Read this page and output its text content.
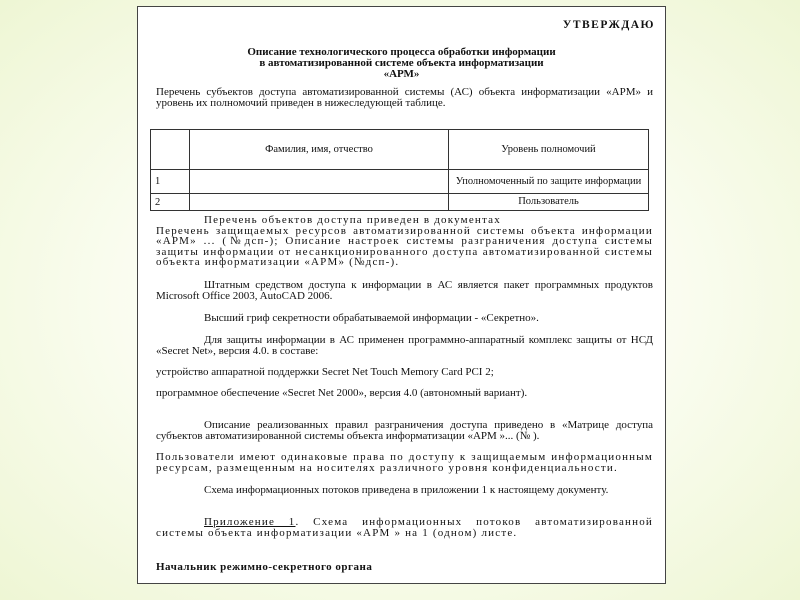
УТВЕРЖДАЮ
Описание технологического процесса обработки информации
в автоматизированной системе объекта информатизации
«АРМ»
Перечень субъектов доступа автоматизированной системы (АС) объекта информатизации «АРМ» и уровень их полномочий приведен в нижеследующей таблице.
	Фамилия, имя, отчество	Уровень полномочий
1		Уполномоченный по защите информации
2		Пользователь
Перечень объектов доступа приведен в документах
Перечень защищаемых ресурсов автоматизированной системы объекта информации «АРМ» ... (№дсп-); Описание настроек системы разграничения доступа системы защиты информации от несанкционированного доступа автоматизированной системы объекта информатизации «АРМ» (№дсп-).
Штатным средством доступа к информации в АС является пакет программных продуктов Microsoft Office 2003, AutoCAD 2006.
Высший гриф секретности обрабатываемой информации - «Секретно».
Для защиты информации в АС применен программно-аппаратный комплекс защиты от НСД «Secret Net», версия 4.0. в составе:
устройство аппаратной поддержки Secret Net Touch Memory Card PCI 2;
программное обеспечение «Secret Net 2000», версия 4.0 (автономный вариант).
Описание реализованных правил разграничения доступа приведено в «Матрице доступа субъектов автоматизированной системы объекта информатизации «АРМ »... (№ ).
Пользователи имеют одинаковые права по доступу к защищаемым информационным ресурсам, размещенным на носителях различного уровня конфиденциальности.
Схема информационных потоков приведена в приложении 1 к настоящему документу.
Приложение 1. Схема информационных потоков автоматизированной системы объекта информатизации «АРМ » на 1 (одном) листе.
Начальник режимно-секретного органа
